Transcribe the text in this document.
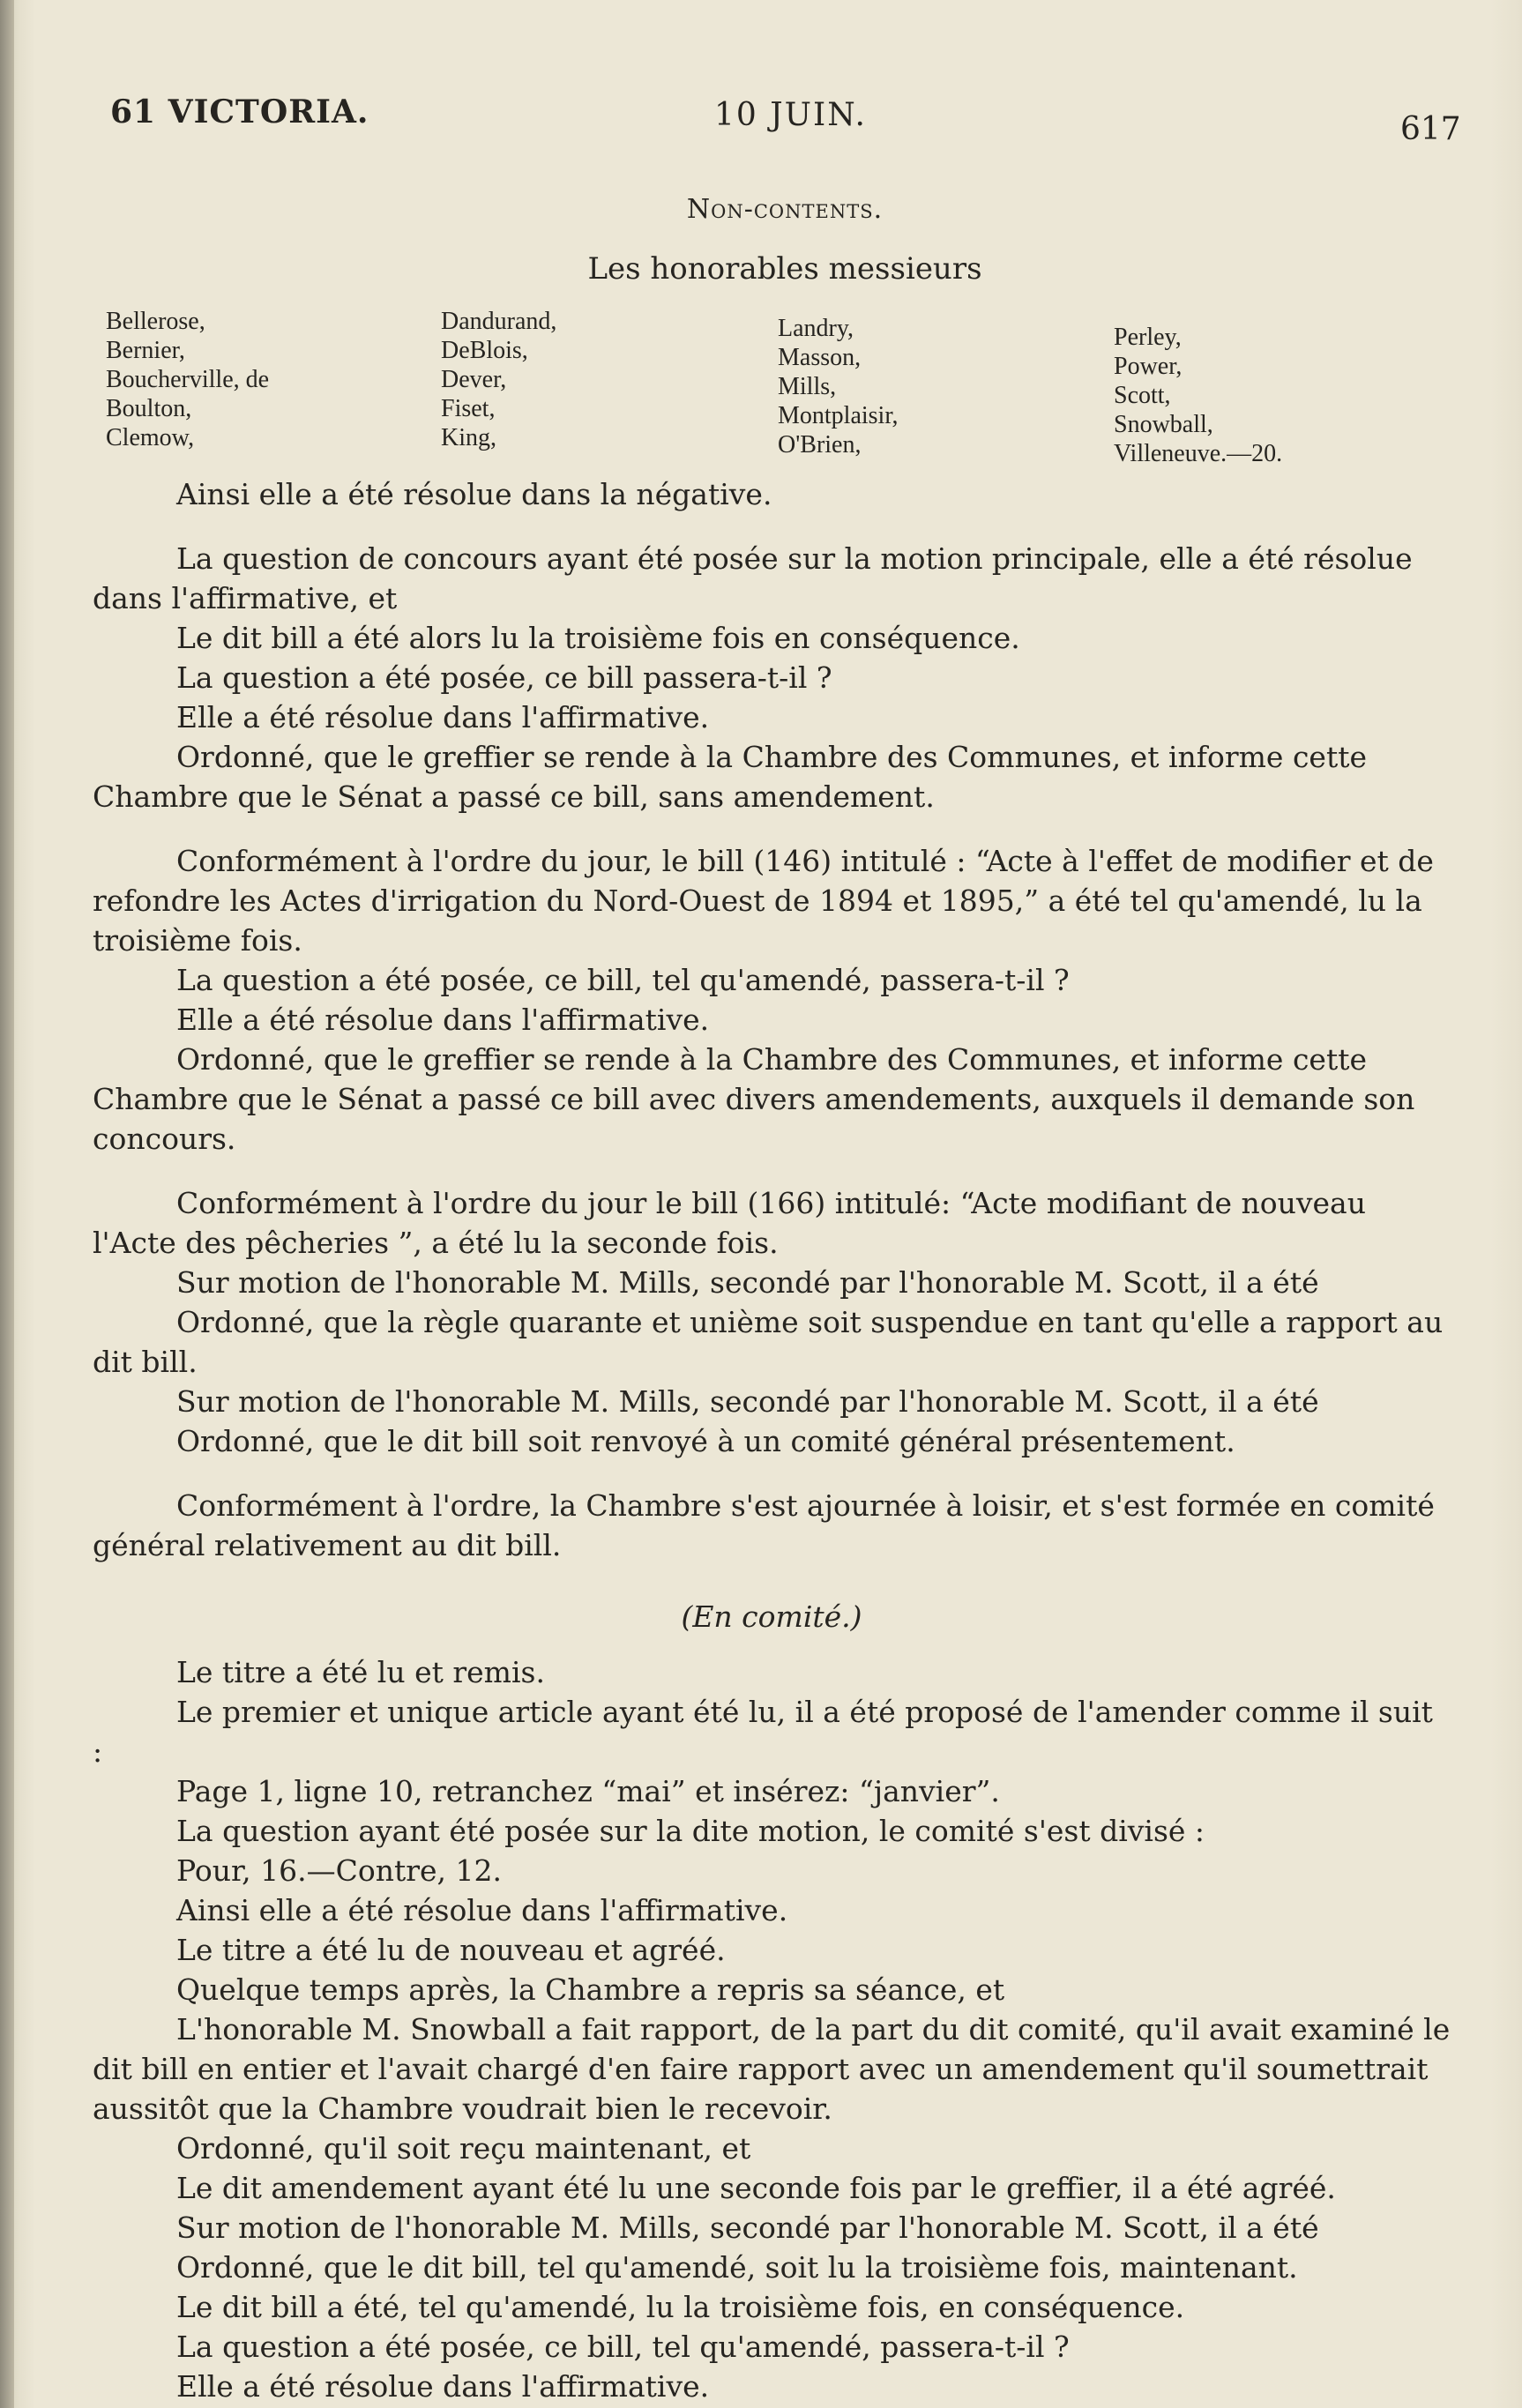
61 VICTORIA.	10 JUIN.	617
Non-contents.
Les honorables messieurs
Bellerose,
Bernier,
Boucherville, de
Boulton,
Clemow,
Dandurand,
DeBlois,
Dever,
Fiset,
King,
Landry,
Masson,
Mills,
Montplaisir,
O'Brien,
Perley,
Power,
Scott,
Snowball,
Villeneuve.—20.

Ainsi elle a été résolue dans la négative.

La question de concours ayant été posée sur la motion principale, elle a été résolue dans l'affirmative, et

Le dit bill a été alors lu la troisième fois en conséquence.

La question a été posée, ce bill passera-t-il ?

Elle a été résolue dans l'affirmative.

Ordonné, que le greffier se rende à la Chambre des Communes, et informe cette Chambre que le Sénat a passé ce bill, sans amendement.

Conformément à l'ordre du jour, le bill (146) intitulé : “Acte à l'effet de modifier et de refondre les Actes d'irrigation du Nord-Ouest de 1894 et 1895,” a été tel qu'amendé, lu la troisième fois.

La question a été posée, ce bill, tel qu'amendé, passera-t-il ?

Elle a été résolue dans l'affirmative.

Ordonné, que le greffier se rende à la Chambre des Communes, et informe cette Chambre que le Sénat a passé ce bill avec divers amendements, auxquels il demande son concours.

Conformément à l'ordre du jour le bill (166) intitulé: “Acte modifiant de nouveau l'Acte des pêcheries ”, a été lu la seconde fois.

Sur motion de l'honorable M. Mills, secondé par l'honorable M. Scott, il a été

Ordonné, que la règle quarante et unième soit suspendue en tant qu'elle a rapport au dit bill.

Sur motion de l'honorable M. Mills, secondé par l'honorable M. Scott, il a été

Ordonné, que le dit bill soit renvoyé à un comité général présentement.

Conformément à l'ordre, la Chambre s'est ajournée à loisir, et s'est formée en comité général relativement au dit bill.

(En comité.)

Le titre a été lu et remis.

Le premier et unique article ayant été lu, il a été proposé de l'amender comme il suit :

Page 1, ligne 10, retranchez “mai” et insérez: “janvier”.

La question ayant été posée sur la dite motion, le comité s'est divisé :

Pour, 16.—Contre, 12.

Ainsi elle a été résolue dans l'affirmative.

Le titre a été lu de nouveau et agréé.

Quelque temps après, la Chambre a repris sa séance, et

L'honorable M. Snowball a fait rapport, de la part du dit comité, qu'il avait examiné le dit bill en entier et l'avait chargé d'en faire rapport avec un amendement qu'il soumettrait aussitôt que la Chambre voudrait bien le recevoir.

Ordonné, qu'il soit reçu maintenant, et

Le dit amendement ayant été lu une seconde fois par le greffier, il a été agréé.

Sur motion de l'honorable M. Mills, secondé par l'honorable M. Scott, il a été

Ordonné, que le dit bill, tel qu'amendé, soit lu la troisième fois, maintenant.

Le dit bill a été, tel qu'amendé, lu la troisième fois, en conséquence.

La question a été posée, ce bill, tel qu'amendé, passera-t-il ?

Elle a été résolue dans l'affirmative.
